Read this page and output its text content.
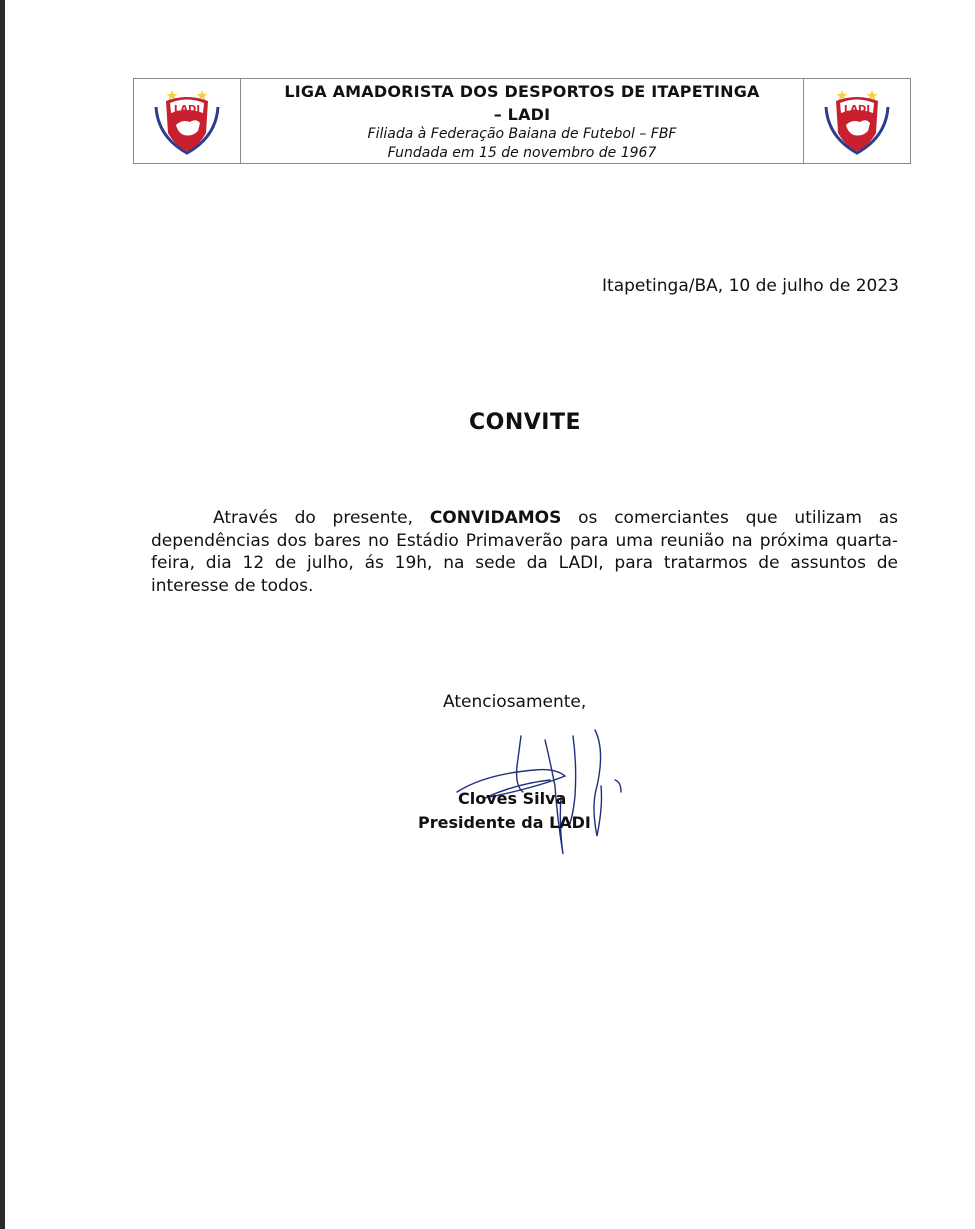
LADI
LIGA AMADORISTA DOS DESPORTOS DE ITAPETINGA
– LADI
Filiada à Federação Baiana de Futebol – FBF
Fundada em 15 de novembro de 1967
LADI
Itapetinga/BA, 10 de julho de 2023
CONVITE
Através do presente, CONVIDAMOS os comerciantes que utilizam as dependências dos bares no Estádio Primaverão para uma reunião na próxima quarta-feira, dia 12 de julho, ás 19h, na sede da LADI, para tratarmos de assuntos de interesse de todos.
Atenciosamente,
Cloves Silva
Presidente da LADI
